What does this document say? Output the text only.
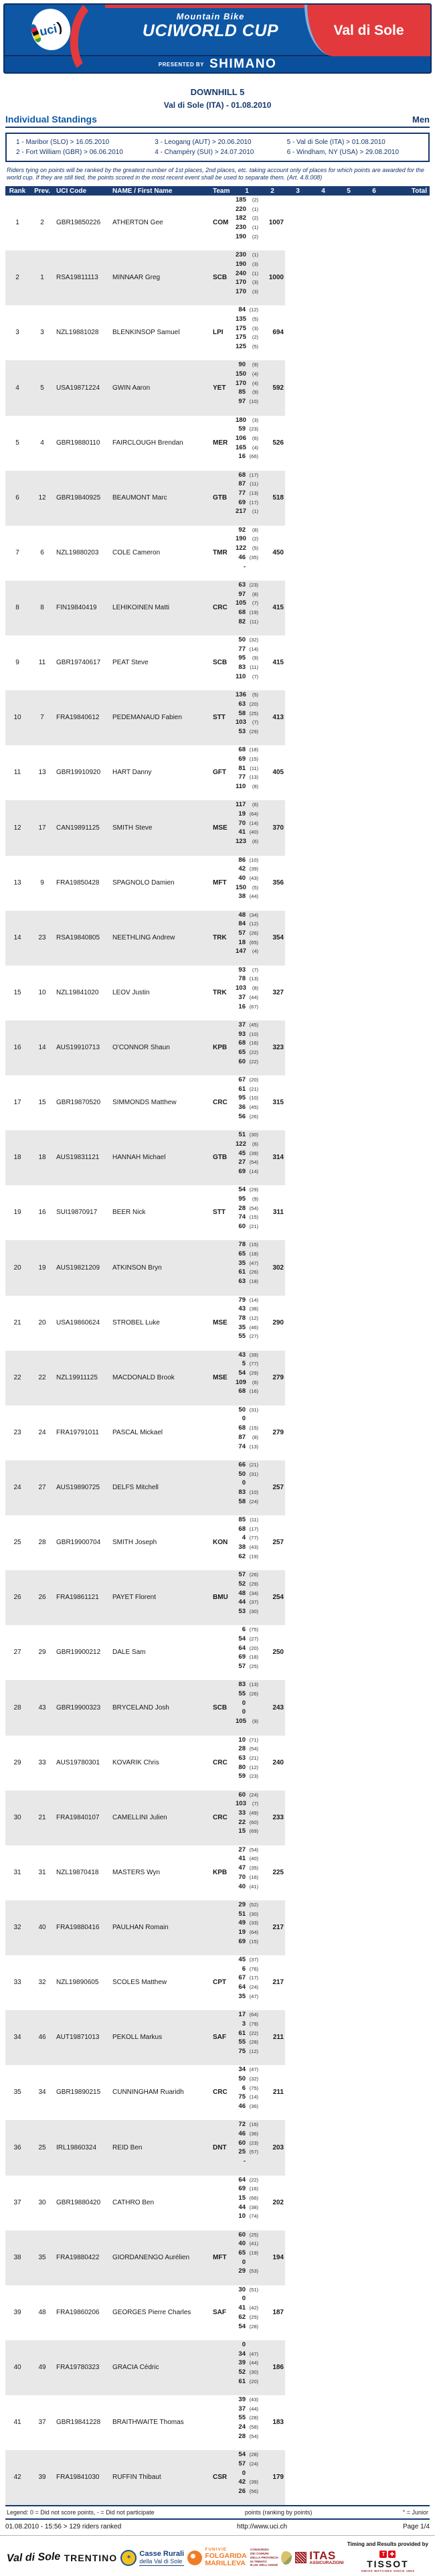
uci
)
Mountain Bike
UCIWORLD CUP	Val di Sole
PRESENTED BY SHIMANO
DOWNHILL 5
Val di Sole (ITA) - 01.08.2010
Individual Standings	Men
1 - Maribor (SLO) > 16.05.2010
2 - Fort William (GBR) > 06.06.2010
3 - Leogang (AUT) > 20.06.2010
4 - Champéry (SUI) > 24.07.2010
5 - Val di Sole (ITA) > 01.08.2010
6 - Windham, NY (USA) > 29.08.2010
Riders tying on points will be ranked by the greatest number of 1st places, 2nd places, etc. taking account only of places for which points are awarded for the world cup. If they are still tied, the points scored in the most recent event shall be used to separate them. (Art. 4.8.008)
Rank	Prev.	UCI Code	NAME / First Name	Team	1	2	3	4	5	6	Total
1	2	GBR19850226	ATHERTON Gee	COM	
185	(2)
220	(1)
182	(2)
230	(1)
190	(2)
1007					
2	1	RSA19811113	MINNAAR Greg	SCB	
230	(1)
190	(3)
240	(1)
170	(3)
170	(3)
1000					
3	3	NZL19881028	BLENKINSOP Samuel	LPI	
84 (12)
135	(5)
175	(3)
175	(2)
125	(5)
694					
4	5	USA19871224	GWIN Aaron	YET	
90	(9)
150	(4)
170	(4)
85	(9)
97 (10)
592					
5	4	GBR19880110	FAIRCLOUGH Brendan	MER	
180	(3)
59 (23)
106	(6)
165	(4)
16 (66)
526					
6	12	GBR19840925	BEAUMONT Marc	GTB	
68 (17)
87 (11)
77 (13)
69 (17)
217	(1)
518					
7	6	NZL19880203	COLE Cameron	TMR	
92	(8)
190	(2)
122	(5)
46 (35)
-
450					
8	8	FIN19840419	LEHIKOINEN Matti	CRC	
63 (23)
97	(8)
105	(7)
68 (19)
82 (11)
415					
9	11	GBR19740617	PEAT Steve	SCB	
50 (32)
77 (14)
95	(9)
83 (11)
110	(7)
415					
10	7	FRA19840612	PEDEMANAUD Fabien	STT	
136	(5)
63 (20)
58 (25)
103	(7)
53 (29)
413					
11	13	GBR19910920	HART Danny	GFT	
68 (18)
69 (15)
81 (11)
77 (13)
110	(8)
405					
12	17	CAN19891125	SMITH Steve	MSE	
117	(6)
19 (64)
70 (14)
41 (40)
123	(6)
370					
13	9	FRA19850428	SPAGNOLO Damien	MFT	
86 (10)
42 (39)
40 (43)
150	(5)
38 (44)
356					
14	23	RSA19840805	NEETHLING Andrew	TRK	
48 (34)
84 (12)
57 (26)
18 (65)
147	(4)
354					
15	10	NZL19841020	LEOV Justin	TRK	
93	(7)
78 (13)
103	(8)
37 (44)
16 (67)
327					
16	14	AUS19910713	O'CONNOR Shaun	KPB	
37 (45)
93 (10)
68 (16)
65 (22)
60 (22)
323					
17	15	GBR19870520	SIMMONDS Matthew	CRC	
67 (20)
61 (21)
95 (10)
36 (45)
56 (26)
315					
18	18	AUS19831121	HANNAH Michael	GTB	
51 (30)
122	(6)
45 (39)
27 (54)
69 (14)
314					
19	16	SUI19870917	BEER Nick	STT	
54 (29)
95	(9)
28 (54)
74 (15)
60 (21)
311					
20	19	AUS19821209	ATKINSON Bryn		
78 (15)
65 (18)
35 (47)
61 (26)
63 (18)
302					
21	20	USA19860624	STROBEL Luke	MSE	
79 (14)
43 (38)
78 (12)
35 (46)
55 (27)
290					
22	22	NZL19911125	MACDONALD Brook	MSE	
43 (39)
5 (77)
54 (29)
109	(6)
68 (16)
279					
23	24	FRA19791011	PASCAL Mickael		
50 (31)
0
68 (15)
87	(8)
74 (13)
279					
24	27	AUS19890725	DELFS Mitchell		
66 (21)
50 (31)
0
83 (10)
58 (24)
257					
25	28	GBR19900704	SMITH Joseph	KON	
85 (11)
68 (17)
4 (77)
38 (43)
62 (19)
257					
26	26	FRA19861121	PAYET Florent	BMU	
57 (26)
52 (29)
48 (34)
44 (37)
53 (30)
254					
27	29	GBR19900212	DALE Sam		
6 (75)
54 (27)
64 (20)
69 (18)
57 (25)
250					
28	43	GBR19900323	BRYCELAND Josh	SCB	
83 (13)
55 (26)
0
0
105	(9)
243					
29	33	AUS19780301	KOVARIK Chris	CRC	
10 (71)
28 (54)
63 (21)
80 (12)
59 (23)
240					
30	21	FRA19840107	CAMELLINI Julien	CRC	
60 (24)
103	(7)
33 (49)
22 (60)
15 (69)
233					
31	31	NZL19870418	MASTERS Wyn	KPB	
27 (54)
41 (40)
47 (35)
70 (16)
40 (41)
225					
32	40	FRA19880416	PAULHAN Romain		
29 (52)
51 (30)
49 (33)
19 (64)
69 (15)
217					
33	32	NZL19890605	SCOLES Matthew	CPT	
45 (37)
6 (76)
67 (17)
64 (24)
35 (47)
217					
34	46	AUT19871013	PEKOLL Markus	SAF	
17 (64)
3 (79)
61 (22)
55 (28)
75 (12)
211					
35	34	GBR19890215	CUNNINGHAM Ruaridh	CRC	
34 (47)
50 (32)
6 (75)
75 (14)
46 (36)
211					
36	25	IRL19860324	REID Ben	DNT	
72 (16)
46 (36)
60 (23)
25 (57)
-
203					
37	30	GBR19880420	CATHRO Ben		
64 (22)
69 (16)
15 (66)
44 (38)
10 (74)
202					
38	35	FRA19880422	GIORDANENGO Aurélien	MFT	
60 (25)
40 (41)
65 (19)
0
29 (53)
194					
39	48	FRA19860206	GEORGES Pierre Charles	SAF	
30 (51)
0
41 (42)
62 (25)
54 (28)
187					
40	49	FRA19780323	GRACIA Cédric		
0
34 (47)
39 (44)
52 (30)
61 (20)
186					
41	37	GBR19841228	BRAITHWAITE Thomas		
39 (43)
37 (44)
55 (28)
24 (58)
28 (54)
183					
42	39	FRA19841030	RUFFIN Thibaut	CSR	
54 (28)
57 (24)
0
42 (39)
26 (56)
179					
Legend: 0 = Did not score points, - = Did not participate	points (ranking by points)	° = Junior
01.08.2010 - 15:56 > 129 riders ranked	http://www.uci.ch	Page 1/4
Val di Sole TRENTINO	✶	Casse Rurali
della Val di Sole
FUNIVIE
FOLGARIDA
MARILLEVA
CONSORZIO
DEI COMUNI
DELLA PROVINCIA
DI TRENTO
B.I.M. DELL'ADIGE
ITAS
ASSICURAZIONI
Timing and Results provided by
T ✚
TISSOT
SWISS WATCHES SINCE 1853
